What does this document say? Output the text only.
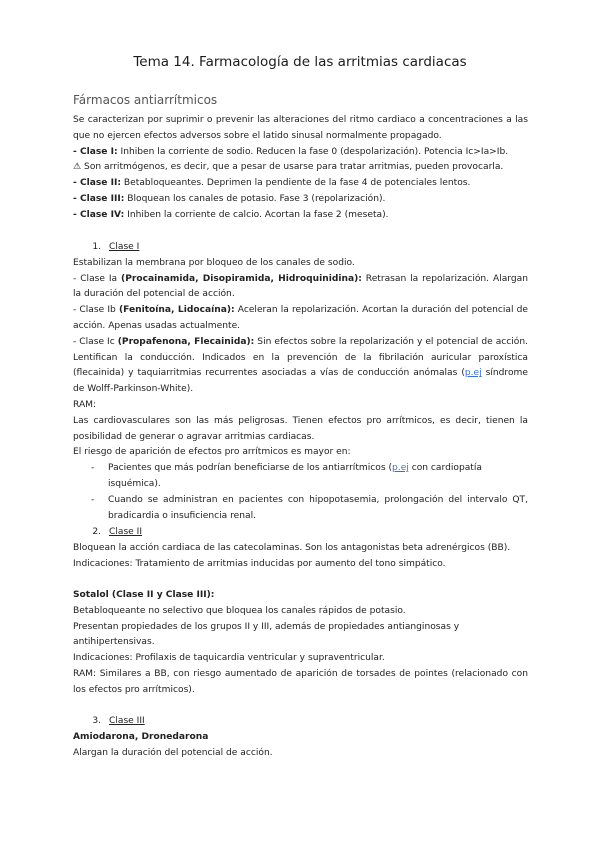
Tema 14. Farmacología de las arritmias cardiacas
Fármacos antiarrítmicos

Se caracterizan por suprimir o prevenir las alteraciones del ritmo cardiaco a concentraciones a las que no ejercen efectos adversos sobre el latido sinusal normalmente propagado.

- Clase I: Inhiben la corriente de sodio. Reducen la fase 0 (despolarización). Potencia Ic>Ia>Ib.

⚠ Son arritmógenos, es decir, que a pesar de usarse para tratar arritmias, pueden provocarla.

- Clase II: Betabloqueantes. Deprimen la pendiente de la fase 4 de potenciales lentos.

- Clase III: Bloquean los canales de potasio. Fase 3 (repolarización).

- Clase IV: Inhiben la corriente de calcio. Acortan la fase 2 (meseta).

1. Clase I

Estabilizan la membrana por bloqueo de los canales de sodio.

- Clase Ia (Procainamida, Disopiramida, Hidroquinidina): Retrasan la repolarización. Alargan la duración del potencial de acción.

- Clase Ib (Fenitoína, Lidocaína): Aceleran la repolarización. Acortan la duración del potencial de acción. Apenas usadas actualmente.

- Clase Ic (Propafenona, Flecainida): Sin efectos sobre la repolarización y el potencial de acción. Lentifican la conducción. Indicados en la prevención de la fibrilación auricular paroxística (flecainida) y taquiarritmias recurrentes asociadas a vías de conducción anómalas (p.ej síndrome de Wolff-Parkinson-White).

RAM:

Las cardiovasculares son las más peligrosas. Tienen efectos pro arrítmicos, es decir, tienen la posibilidad de generar o agravar arritmias cardiacas.

El riesgo de aparición de efectos pro arrítmicos es mayor en:

- Pacientes que más podrían beneficiarse de los antiarrítmicos (p.ej con cardiopatía isquémica).

- Cuando se administran en pacientes con hipopotasemia, prolongación del intervalo QT, bradicardia o insuficiencia renal.

2. Clase II

Bloquean la acción cardiaca de las catecolaminas. Son los antagonistas beta adrenérgicos (BB).

Indicaciones: Tratamiento de arritmias inducidas por aumento del tono simpático.

Sotalol (Clase II y Clase III):

Betabloqueante no selectivo que bloquea los canales rápidos de potasio.

Presentan propiedades de los grupos II y III, además de propiedades antianginosas y antihipertensivas.

Indicaciones: Profilaxis de taquicardia ventricular y supraventricular.

RAM: Similares a BB, con riesgo aumentado de aparición de torsades de pointes (relacionado con los efectos pro arrítmicos).

3. Clase III

Amiodarona, Dronedarona

Alargan la duración del potencial de acción.
